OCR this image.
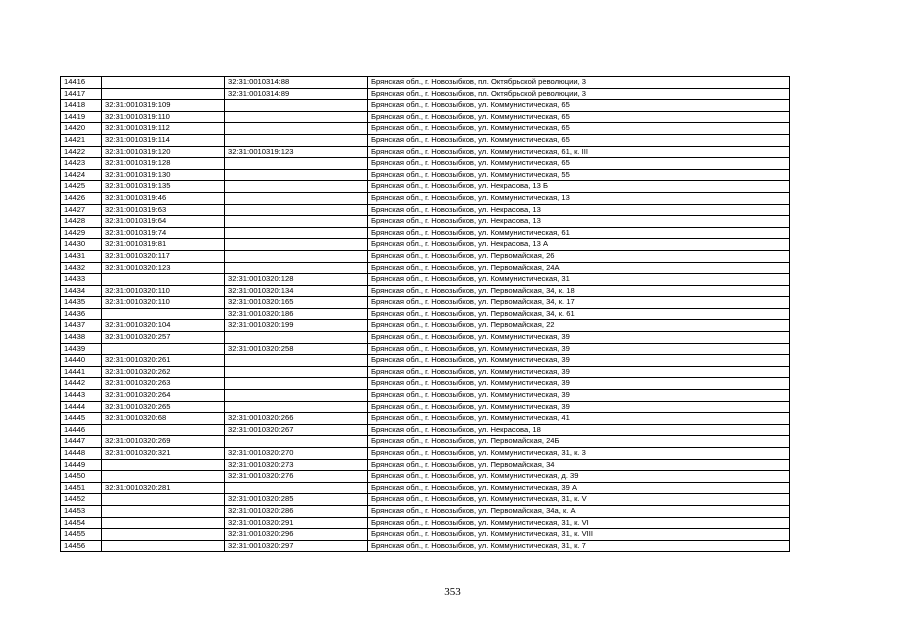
14416		32:31:0010314:88	Брянская обл., г. Новозыбков, пл. Октябрьской революции, 3
14417		32:31:0010314:89	Брянская обл., г. Новозыбков, пл. Октябрьской революции, 3
14418	32:31:0010319:109		Брянская обл., г. Новозыбков, ул. Коммунистическая, 65
14419	32:31:0010319:110		Брянская обл., г. Новозыбков, ул. Коммунистическая, 65
14420	32:31:0010319:112		Брянская обл., г. Новозыбков, ул. Коммунистическая, 65
14421	32:31:0010319:114		Брянская обл., г. Новозыбков, ул. Коммунистическая, 65
14422	32:31:0010319:120	32:31:0010319:123	Брянская обл., г. Новозыбков, ул. Коммунистическая, 61, к. III
14423	32:31:0010319:128		Брянская обл., г. Новозыбков, ул. Коммунистическая, 65
14424	32:31:0010319:130		Брянская обл., г. Новозыбков, ул. Коммунистическая, 55
14425	32:31:0010319:135		Брянская обл., г. Новозыбков, ул. Некрасова, 13 Б
14426	32:31:0010319:46		Брянская обл., г. Новозыбков, ул. Коммунистическая, 13
14427	32:31:0010319:63		Брянская обл., г. Новозыбков, ул. Некрасова, 13
14428	32:31:0010319:64		Брянская обл., г. Новозыбков, ул. Некрасова, 13
14429	32:31:0010319:74		Брянская обл., г. Новозыбков, ул. Коммунистическая, 61
14430	32:31:0010319:81		Брянская обл., г. Новозыбков, ул. Некрасова, 13 А
14431	32:31:0010320:117		Брянская обл., г. Новозыбков, ул. Первомайская, 26
14432	32:31:0010320:123		Брянская обл., г. Новозыбков, ул. Первомайская, 24А
14433		32:31:0010320:128	Брянская обл., г. Новозыбков, ул. Коммунистическая, 31
14434	32:31:0010320:110	32:31:0010320:134	Брянская обл., г. Новозыбков, ул. Первомайская, 34, к. 18
14435	32:31:0010320:110	32:31:0010320:165	Брянская обл., г. Новозыбков, ул. Первомайская, 34, к. 17
14436		32:31:0010320:186	Брянская обл., г. Новозыбков, ул. Первомайская, 34, к. 61
14437	32:31:0010320:104	32:31:0010320:199	Брянская обл., г. Новозыбков, ул. Первомайская, 22
14438	32:31:0010320:257		Брянская обл., г. Новозыбков, ул. Коммунистическая, 39
14439		32:31:0010320:258	Брянская обл., г. Новозыбков, ул. Коммунистическая, 39
14440	32:31:0010320:261		Брянская обл., г. Новозыбков, ул. Коммунистическая, 39
14441	32:31:0010320:262		Брянская обл., г. Новозыбков, ул. Коммунистическая, 39
14442	32:31:0010320:263		Брянская обл., г. Новозыбков, ул. Коммунистическая, 39
14443	32:31:0010320:264		Брянская обл., г. Новозыбков, ул. Коммунистическая, 39
14444	32:31:0010320:265		Брянская обл., г. Новозыбков, ул. Коммунистическая, 39
14445	32:31:0010320:68	32:31:0010320:266	Брянская обл., г. Новозыбков, ул. Коммунистическая, 41
14446		32:31:0010320:267	Брянская обл., г. Новозыбков, ул. Некрасова, 18
14447	32:31:0010320:269		Брянская обл., г. Новозыбков, ул. Первомайская, 24Б
14448	32:31:0010320:321	32:31:0010320:270	Брянская обл., г. Новозыбков, ул. Коммунистическая, 31, к. 3
14449		32:31:0010320:273	Брянская обл., г. Новозыбков, ул. Первомайская, 34
14450		32:31:0010320:276	Брянская обл., г. Новозыбков, ул. Коммунистическая, д. 39
14451	32:31:0010320:281		Брянская обл., г. Новозыбков, ул. Коммунистическая, 39 А
14452		32:31:0010320:285	Брянская обл., г. Новозыбков, ул. Коммунистическая, 31, к. V
14453		32:31:0010320:286	Брянская обл., г. Новозыбков, ул. Первомайская, 34а, к. А
14454		32:31:0010320:291	Брянская обл., г. Новозыбков, ул. Коммунистическая, 31, к. VI
14455		32:31:0010320:296	Брянская обл., г. Новозыбков, ул. Коммунистическая, 31, к. VIII
14456		32:31:0010320:297	Брянская обл., г. Новозыбков, ул. Коммунистическая, 31, к. 7
353
